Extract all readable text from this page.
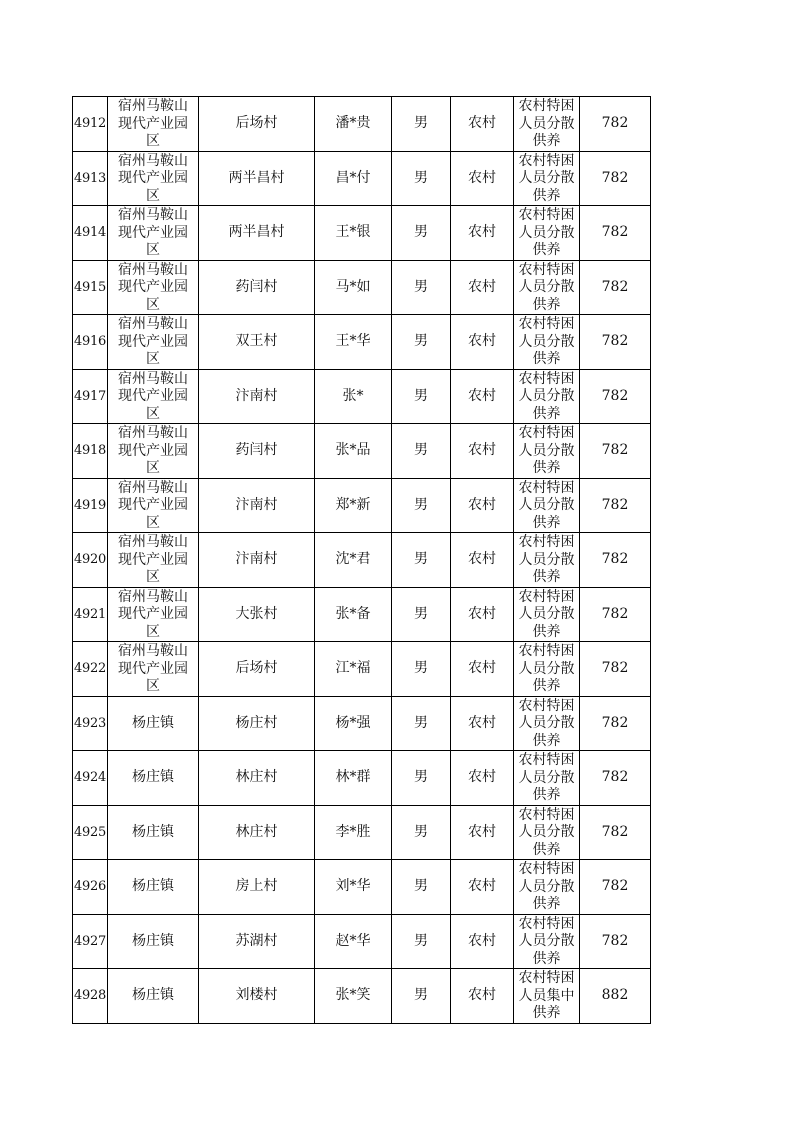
4912	宿州马鞍山
现代产业园
区	后场村	潘*贵	男	农村	农村特困
人员分散
供养	782
4913	宿州马鞍山
现代产业园
区	两半昌村	昌*付	男	农村	农村特困
人员分散
供养	782
4914	宿州马鞍山
现代产业园
区	两半昌村	王*银	男	农村	农村特困
人员分散
供养	782
4915	宿州马鞍山
现代产业园
区	药闫村	马*如	男	农村	农村特困
人员分散
供养	782
4916	宿州马鞍山
现代产业园
区	双王村	王*华	男	农村	农村特困
人员分散
供养	782
4917	宿州马鞍山
现代产业园
区	汴南村	张*	男	农村	农村特困
人员分散
供养	782
4918	宿州马鞍山
现代产业园
区	药闫村	张*品	男	农村	农村特困
人员分散
供养	782
4919	宿州马鞍山
现代产业园
区	汴南村	郑*新	男	农村	农村特困
人员分散
供养	782
4920	宿州马鞍山
现代产业园
区	汴南村	沈*君	男	农村	农村特困
人员分散
供养	782
4921	宿州马鞍山
现代产业园
区	大张村	张*备	男	农村	农村特困
人员分散
供养	782
4922	宿州马鞍山
现代产业园
区	后场村	江*福	男	农村	农村特困
人员分散
供养	782
4923	杨庄镇	杨庄村	杨*强	男	农村	农村特困
人员分散
供养	782
4924	杨庄镇	林庄村	林*群	男	农村	农村特困
人员分散
供养	782
4925	杨庄镇	林庄村	李*胜	男	农村	农村特困
人员分散
供养	782
4926	杨庄镇	房上村	刘*华	男	农村	农村特困
人员分散
供养	782
4927	杨庄镇	苏湖村	赵*华	男	农村	农村特困
人员分散
供养	782
4928	杨庄镇	刘楼村	张*笑	男	农村	农村特困
人员集中
供养	882
